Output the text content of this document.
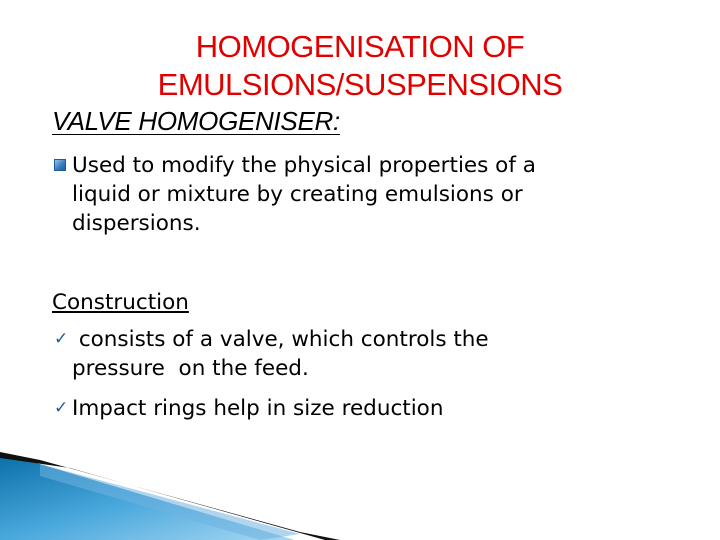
HOMOGENISATION OF EMULSIONS/SUSPENSIONS
VALVE HOMOGENISER:
Used to modify the physical properties of a
liquid or mixture by creating emulsions or
dispersions.
Construction
✓ consists of a valve, which controls the
pressure  on the feed.
✓ Impact rings help in size reduction
